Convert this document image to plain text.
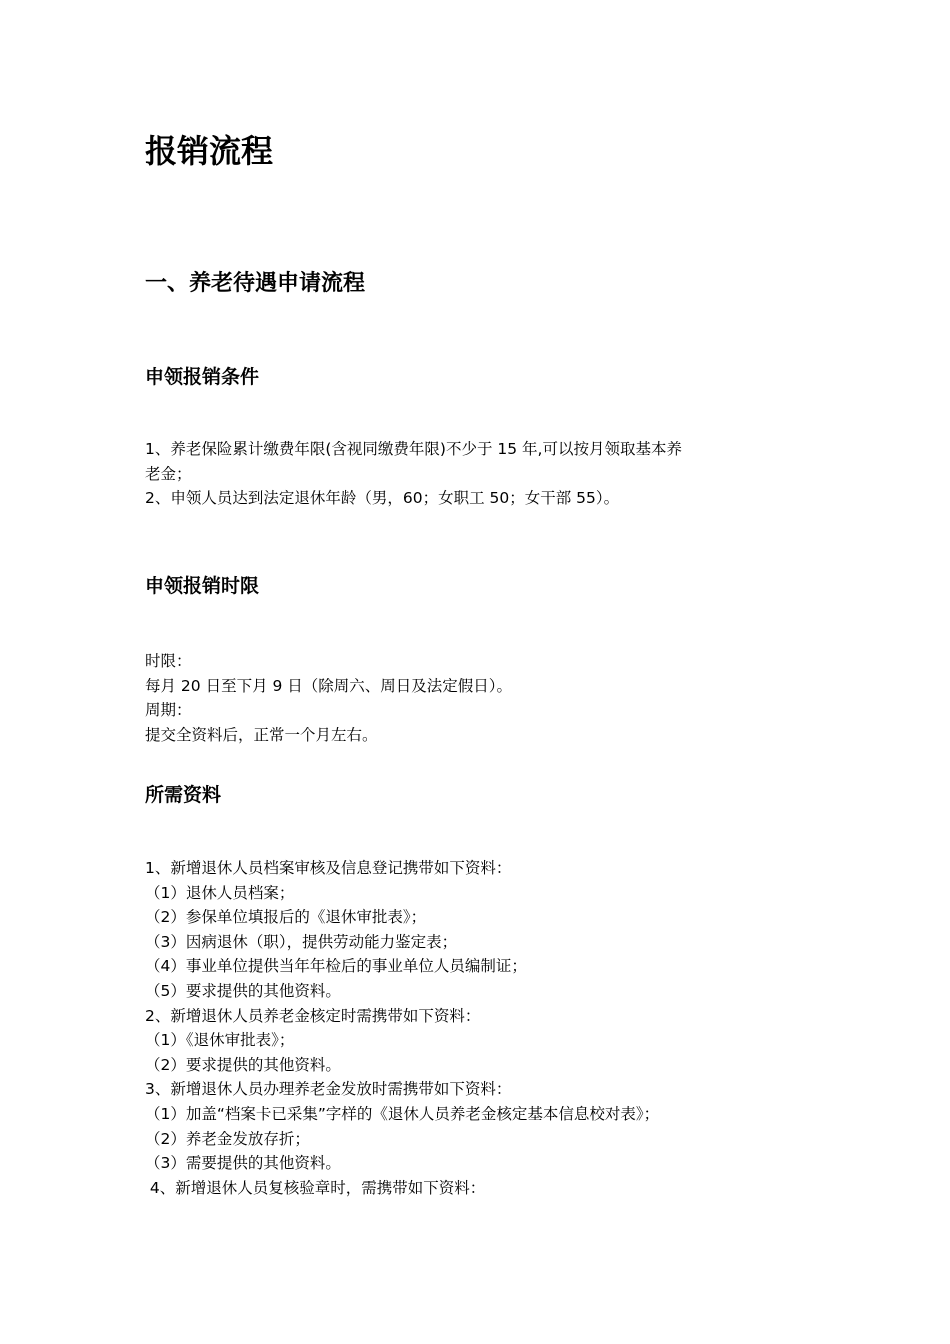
报销流程
一、养老待遇申请流程
申领报销条件
1、养老保险累计缴费年限(含视同缴费年限)不少于 15 年,可以按月领取基本养
老金；
2、申领人员达到法定退休年龄（男，60；女职工 50；女干部 55）。
申领报销时限
时限：
每月 20 日至下月 9 日（除周六、周日及法定假日）。
周期：
提交全资料后，正常一个月左右。
所需资料
1、新增退休人员档案审核及信息登记携带如下资料：
（1）退休人员档案；
（2）参保单位填报后的《退休审批表》；
（3）因病退休（职），提供劳动能力鉴定表；
（4）事业单位提供当年年检后的事业单位人员编制证；
（5）要求提供的其他资料。
2、新增退休人员养老金核定时需携带如下资料：
（1）《退休审批表》；
（2）要求提供的其他资料。
3、新增退休人员办理养老金发放时需携带如下资料：
（1）加盖“档案卡已采集”字样的《退休人员养老金核定基本信息校对表》；
（2）养老金发放存折；
（3）需要提供的其他资料。
4、新增退休人员复核验章时，需携带如下资料：
